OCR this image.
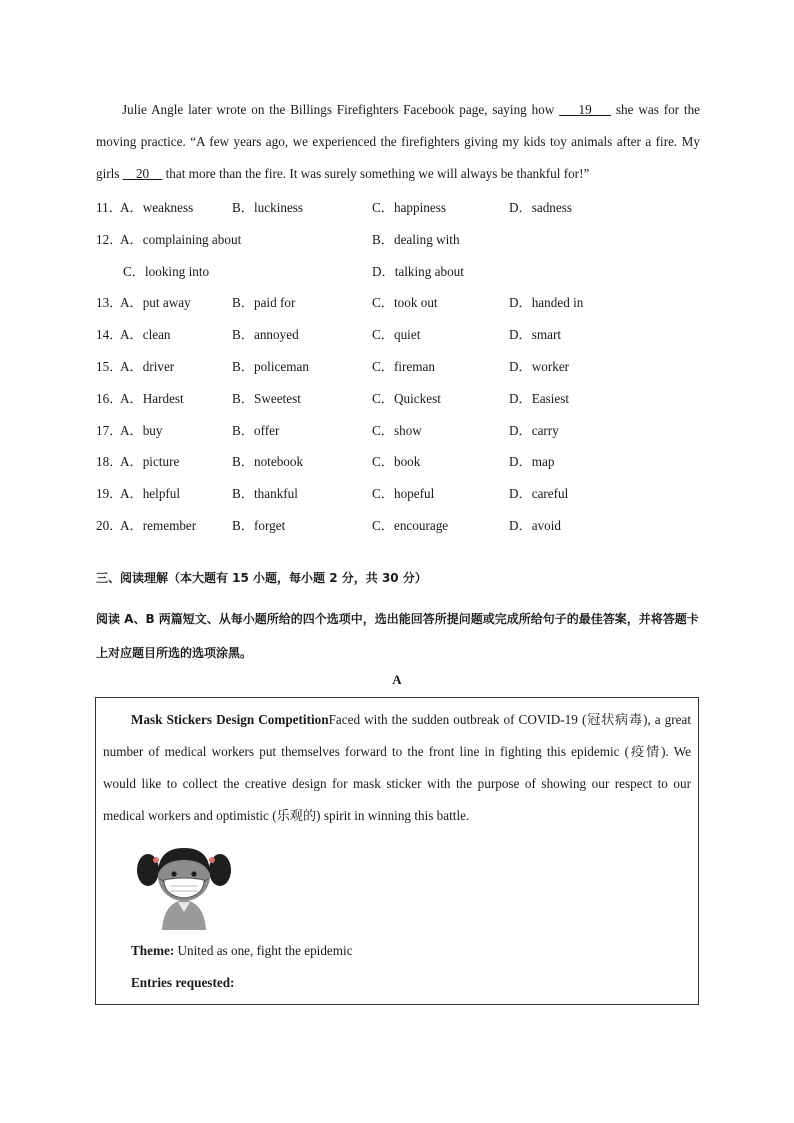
Julie Angle later wrote on the Billings Firefighters Facebook page, saying how     19     she was for the moving practice. “A few years ago, we experienced the firefighters giving my kids toy animals after a fire. My girls     20     that more than the fire. It was surely something we will always be thankful for!”
11．
A．weakness	B．luckiness	C．happiness	D．sadness
12．
A．complaining about	B．dealing with
C．looking into	D．talking about
13．
A．put away	B．paid for	C．took out	D．handed in
14．
A．clean	B．annoyed	C．quiet	D．smart
15．
A．driver	B．policeman	C．fireman	D．worker
16．
A．Hardest	B．Sweetest	C．Quickest	D．Easiest
17．
A．buy	B．offer	C．show	D．carry
18．
A．picture	B．notebook	C．book	D．map
19．
A．helpful	B．thankful	C．hopeful	D．careful
20．
A．remember	B．forget	C．encourage	D．avoid
三、阅读理解（本大题有 15 小题，每小题 2 分，共 30 分）
阅读 A、B 两篇短文、从每小题所给的四个选项中，选出能回答所提问题或完成所给句子的最佳答案，并将答题卡上对应题目所选的选项涂黑。
A
Mask Stickers Design CompetitionFaced with the sudden outbreak of COVID-19 (冠状病毒), a great number of medical workers put themselves forward to the front line in fighting this epidemic (疫情). We would like to collect the creative design for mask sticker with the purpose of showing our respect to our medical workers and optimistic (乐观的) spirit in winning this battle.
Theme: United as one, fight the epidemic
Entries requested:
